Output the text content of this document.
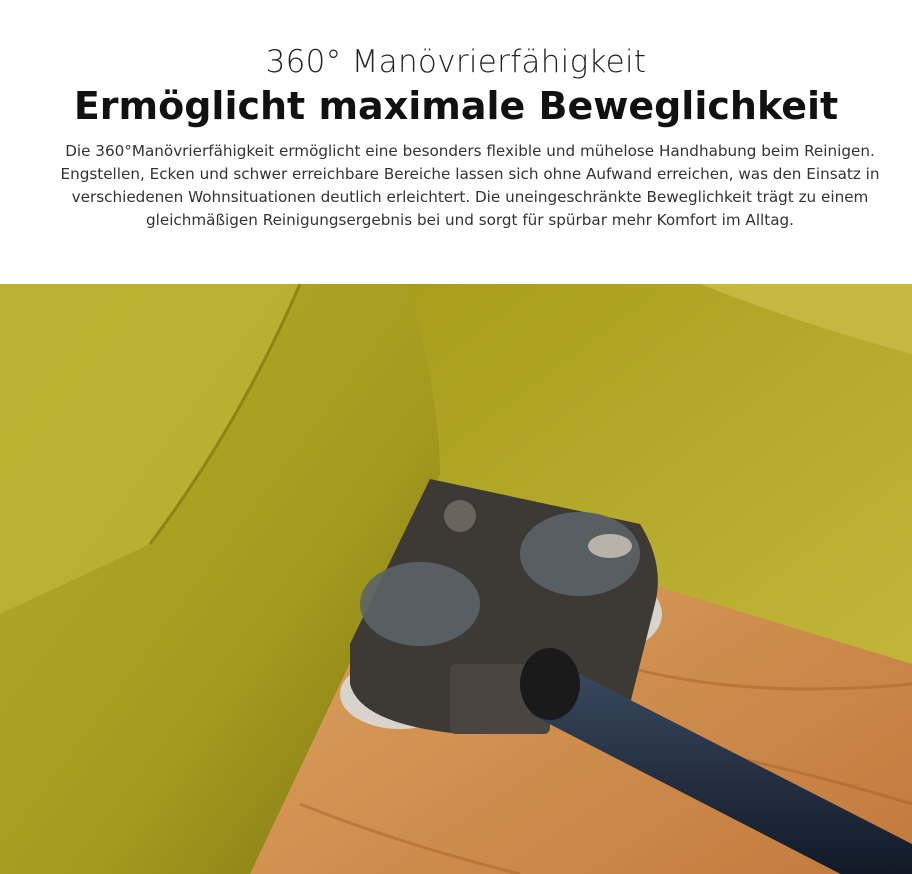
360° Manövrierfähigkeit
Ermöglicht maximale Beweglichkeit
Die 360°Manövrierfähigkeit ermöglicht eine besonders flexible und mühelose Handhabung beim Reinigen. Engstellen, Ecken und schwer erreichbare Bereiche lassen sich ohne Aufwand erreichen, was den Einsatz in verschiedenen Wohnsituationen deutlich erleichtert. Die uneingeschränkte Beweglichkeit trägt zu einem gleichmäßigen Reinigungsergebnis bei und sorgt für spürbar mehr Komfort im Alltag.
